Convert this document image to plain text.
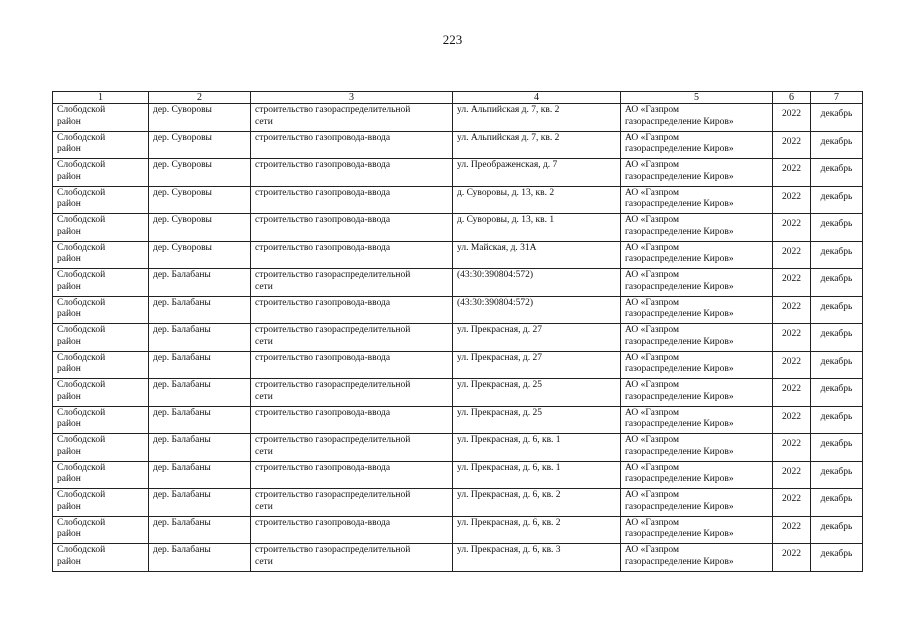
223
1	2	3	4	5	6	7
Слободской
район	дер. Суворовы	строительство газораспределительной
сети	ул. Альпийская д. 7, кв. 2	АО «Газпром
газораспределение Киров»	2022	декабрь
Слободской
район	дер. Суворовы	строительство газопровода-ввода	ул. Альпийская д. 7, кв. 2	АО «Газпром
газораспределение Киров»	2022	декабрь
Слободской
район	дер. Суворовы	строительство газопровода-ввода	ул. Преображенская, д. 7	АО «Газпром
газораспределение Киров»	2022	декабрь
Слободской
район	дер. Суворовы	строительство газопровода-ввода	д. Суворовы, д. 13, кв. 2	АО «Газпром
газораспределение Киров»	2022	декабрь
Слободской
район	дер. Суворовы	строительство газопровода-ввода	д. Суворовы, д. 13, кв. 1	АО «Газпром
газораспределение Киров»	2022	декабрь
Слободской
район	дер. Суворовы	строительство газопровода-ввода	ул. Майская, д. 31А	АО «Газпром
газораспределение Киров»	2022	декабрь
Слободской
район	дер. Балабаны	строительство газораспределительной
сети	(43:30:390804:572)	АО «Газпром
газораспределение Киров»	2022	декабрь
Слободской
район	дер. Балабаны	строительство газопровода-ввода	(43:30:390804:572)	АО «Газпром
газораспределение Киров»	2022	декабрь
Слободской
район	дер. Балабаны	строительство газораспределительной
сети	ул. Прекрасная, д. 27	АО «Газпром
газораспределение Киров»	2022	декабрь
Слободской
район	дер. Балабаны	строительство газопровода-ввода	ул. Прекрасная, д. 27	АО «Газпром
газораспределение Киров»	2022	декабрь
Слободской
район	дер. Балабаны	строительство газораспределительной
сети	ул. Прекрасная, д. 25	АО «Газпром
газораспределение Киров»	2022	декабрь
Слободской
район	дер. Балабаны	строительство газопровода-ввода	ул. Прекрасная, д. 25	АО «Газпром
газораспределение Киров»	2022	декабрь
Слободской
район	дер. Балабаны	строительство газораспределительной
сети	ул. Прекрасная, д. 6, кв. 1	АО «Газпром
газораспределение Киров»	2022	декабрь
Слободской
район	дер. Балабаны	строительство газопровода-ввода	ул. Прекрасная, д. 6, кв. 1	АО «Газпром
газораспределение Киров»	2022	декабрь
Слободской
район	дер. Балабаны	строительство газораспределительной
сети	ул. Прекрасная, д. 6, кв. 2	АО «Газпром
газораспределение Киров»	2022	декабрь
Слободской
район	дер. Балабаны	строительство газопровода-ввода	ул. Прекрасная, д. 6, кв. 2	АО «Газпром
газораспределение Киров»	2022	декабрь
Слободской
район	дер. Балабаны	строительство газораспределительной
сети	ул. Прекрасная, д. 6, кв. 3	АО «Газпром
газораспределение Киров»	2022	декабрь
